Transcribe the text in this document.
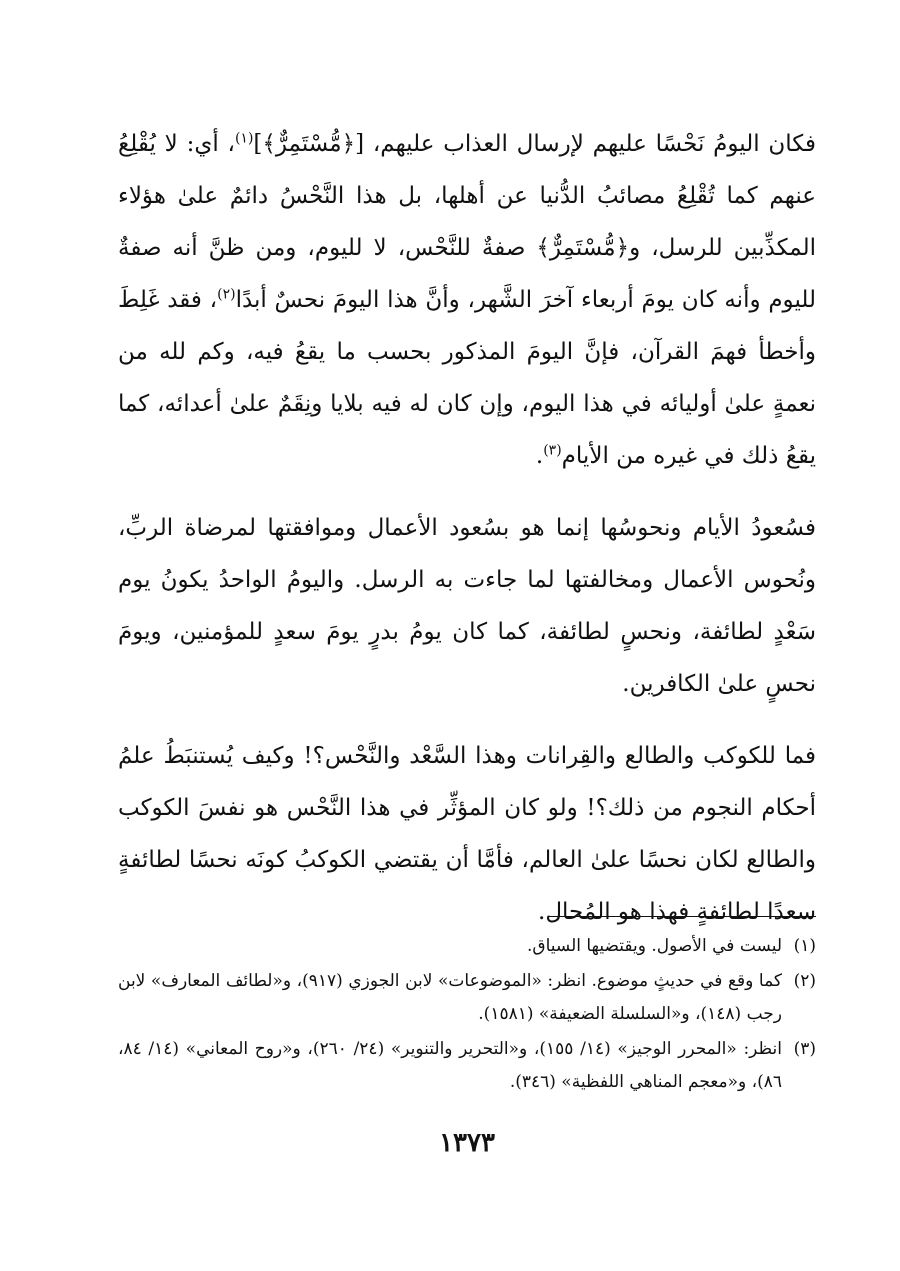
فكان اليومُ نَحْسًا عليهم لإرسال العذاب عليهم، [﴿مُّسْتَمِرٌّ﴾]$^{(١)}$، أي: لا يُقْلِعُ عنهم كما تُقْلِعُ مصائبُ الدُّنيا عن أهلها، بل هذا النَّحْسُ دائمٌ علىٰ هؤلاء المكذِّبين للرسل، و﴿مُّسْتَمِرٌّ﴾ صفةٌ للنَّحْس، لا لليوم، ومن ظنَّ أنه صفةٌ لليوم وأنه كان يومَ أربعاء آخرَ الشَّهر، وأنَّ هذا اليومَ نحسٌ أبدًا$^{(٢)}$، فقد غَلِطَ وأخطأ فهمَ القرآن، فإنَّ اليومَ المذكور بحسب ما يقعُ فيه، وكم لله من نعمةٍ علىٰ أوليائه في هذا اليوم، وإن كان له فيه بلايا ونِقَمٌ علىٰ أعدائه، كما يقعُ ذلك في غيره من الأيام$^{(٣)}$.

فسُعودُ الأيام ونحوسُها إنما هو بسُعود الأعمال وموافقتها لمرضاة الربِّ، ونُحوس الأعمال ومخالفتها لما جاءت به الرسل. واليومُ الواحدُ يكونُ يوم سَعْدٍ لطائفة، ونحسٍ لطائفة، كما كان يومُ بدرٍ يومَ سعدٍ للمؤمنين، ويومَ نحسٍ علىٰ الكافرين.

فما للكوكب والطالع والقِرانات وهذا السَّعْد والنَّحْس؟! وكيف يُستنبَطُ علمُ أحكام النجوم من ذلك؟! ولو كان المؤثِّر في هذا النَّحْس هو نفسَ الكوكب والطالع لكان نحسًا علىٰ العالم، فأمَّا أن يقتضي الكوكبُ كونَه نحسًا لطائفةٍ سعدًا لطائفةٍ فهذا هو المُحال.

(١)
ليست في الأصول. ويقتضيها السياق.
(٢)
كما وقع في حديثٍ موضوع. انظر: «الموضوعات» لابن الجوزي (٩١٧)، و«لطائف المعارف» لابن رجب (١٤٨)، و«السلسلة الضعيفة» (١٥٨١).
(٣)
انظر: «المحرر الوجيز» (١٤/ ١٥٥)، و«التحرير والتنوير» (٢٤/ ٢٦٠)، و«روح المعاني» (١٤/ ٨٤، ٨٦)، و«معجم المناهي اللفظية» (٣٤٦).
١٣٧٣
